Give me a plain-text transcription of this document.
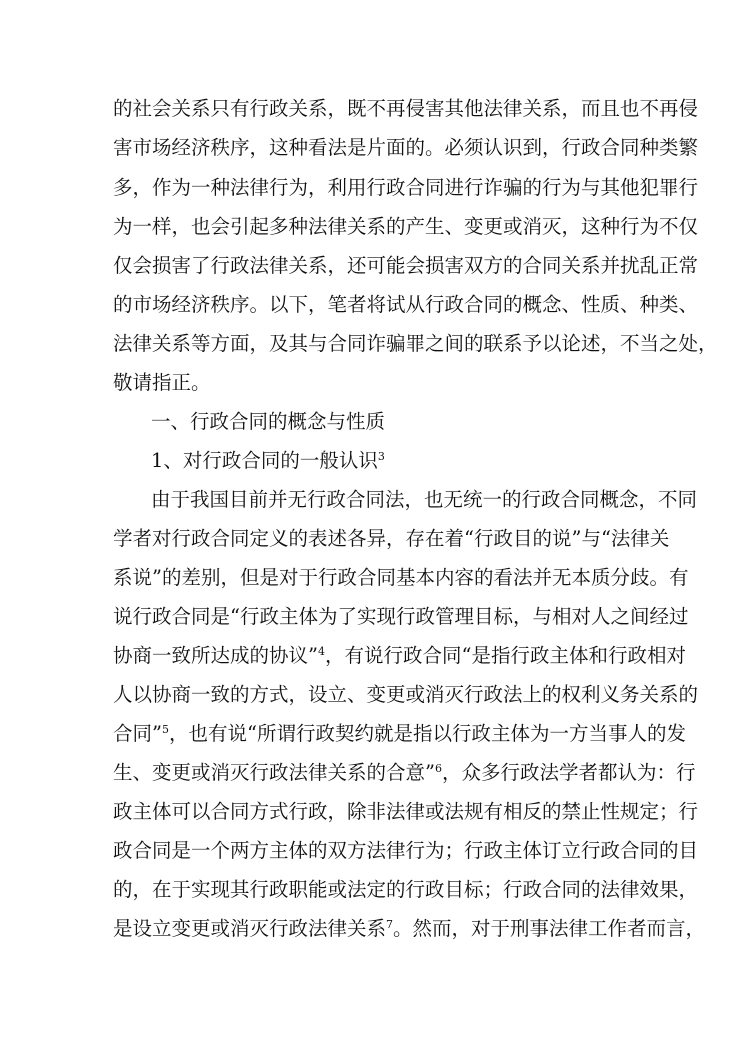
的社会关系只有行政关系，既不再侵害其他法律关系，而且也不再侵
害市场经济秩序，这种看法是片面的。必须认识到，行政合同种类繁
多，作为一种法律行为，利用行政合同进行诈骗的行为与其他犯罪行
为一样，也会引起多种法律关系的产生、变更或消灭，这种行为不仅
仅会损害了行政法律关系，还可能会损害双方的合同关系并扰乱正常
的市场经济秩序。以下，笔者将试从行政合同的概念、性质、种类、
法律关系等方面，及其与合同诈骗罪之间的联系予以论述，不当之处，
敬请指正。
一、行政合同的概念与性质
1、对行政合同的一般认识$^3$
由于我国目前并无行政合同法，也无统一的行政合同概念，不同
学者对行政合同定义的表述各异，存在着“行政目的说”与“法律关
系说”的差别，但是对于行政合同基本内容的看法并无本质分歧。有
说行政合同是“行政主体为了实现行政管理目标，与相对人之间经过
协商一致所达成的协议”$^4$，有说行政合同“是指行政主体和行政相对
人以协商一致的方式，设立、变更或消灭行政法上的权利义务关系的
合同”$^5$，也有说“所谓行政契约就是指以行政主体为一方当事人的发
生、变更或消灭行政法律关系的合意”$^6$，众多行政法学者都认为：行
政主体可以合同方式行政，除非法律或法规有相反的禁止性规定；行
政合同是一个两方主体的双方法律行为；行政主体订立行政合同的目
的，在于实现其行政职能或法定的行政目标；行政合同的法律效果，
是设立变更或消灭行政法律关系$^7$。然而，对于刑事法律工作者而言，
